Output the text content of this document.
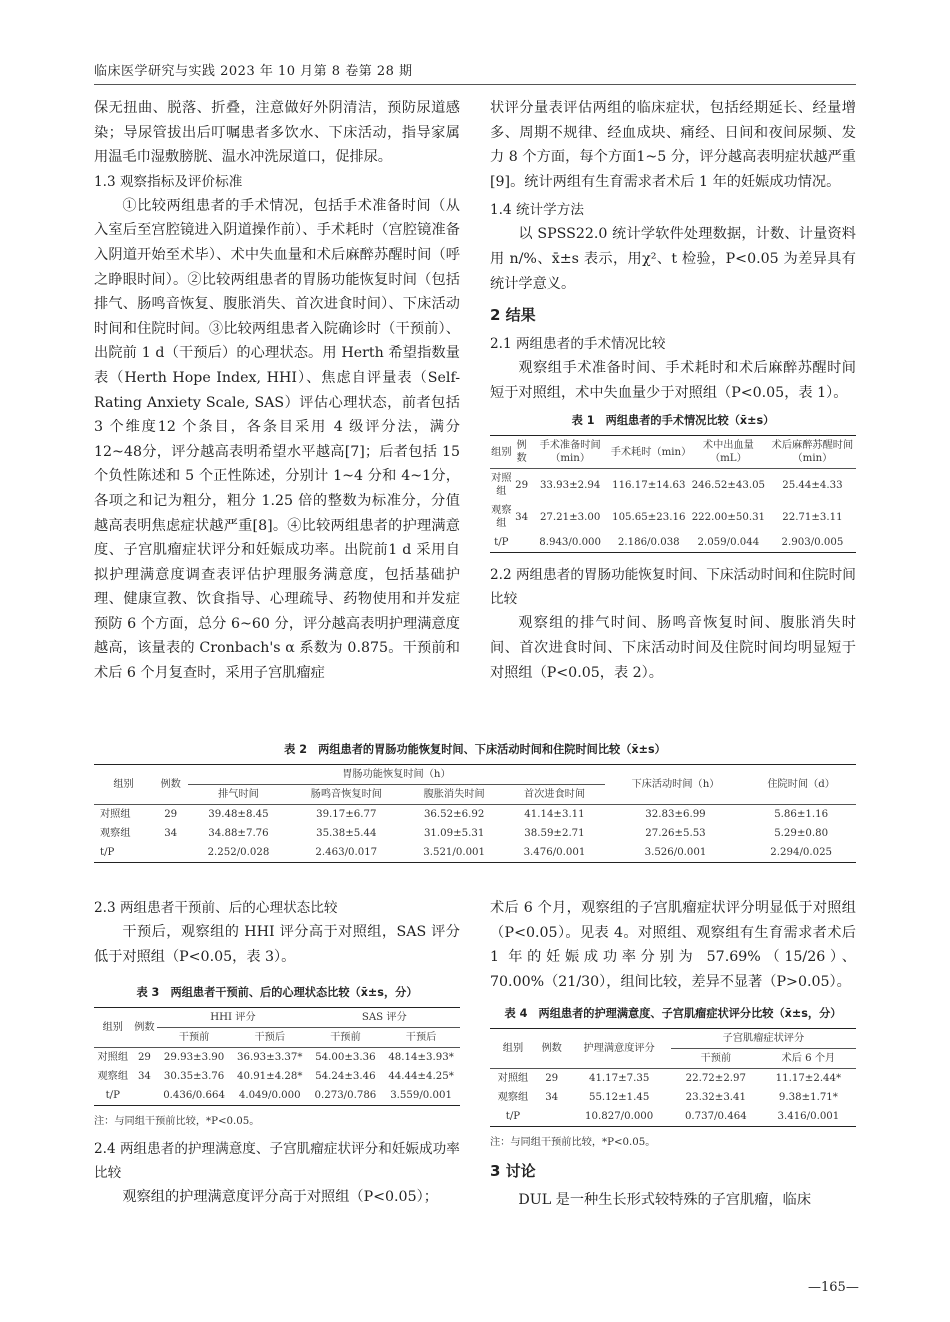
临床医学研究与实践 2023 年 10 月第 8 卷第 28 期

保无扭曲、脱落、折叠，注意做好外阴清洁，预防尿道感染；导尿管拔出后叮嘱患者多饮水、下床活动，指导家属用温毛巾湿敷膀胱、温水冲洗尿道口，促排尿。

1.3 观察指标及评价标准

①比较两组患者的手术情况，包括手术准备时间（从入室后至宫腔镜进入阴道操作前）、手术耗时（宫腔镜准备入阴道开始至术毕）、术中失血量和术后麻醉苏醒时间（呼之睁眼时间）。②比较两组患者的胃肠功能恢复时间（包括排气、肠鸣音恢复、腹胀消失、首次进食时间）、下床活动时间和住院时间。③比较两组患者入院确诊时（干预前）、出院前 1 d（干预后）的心理状态。用 Herth 希望指数量表（Herth Hope Index, HHI）、焦虑自评量表（Self-Rating Anxiety Scale, SAS）评估心理状态，前者包括3 个维度12 个条目，各条目采用 4 级评分法，满分 12~48分，评分越高表明希望水平越高[7]；后者包括 15 个负性陈述和 5 个正性陈述，分别计 1~4 分和 4~1分，各项之和记为粗分，粗分 1.25 倍的整数为标准分，分值越高表明焦虑症状越严重[8]。④比较两组患者的护理满意度、子宫肌瘤症状评分和妊娠成功率。出院前1 d 采用自拟护理满意度调查表评估护理服务满意度，包括基础护理、健康宣教、饮食指导、心理疏导、药物使用和并发症预防 6 个方面，总分 6~60 分，评分越高表明护理满意度越高，该量表的 Cronbach's α 系数为 0.875。干预前和术后 6 个月复查时，采用子宫肌瘤症

状评分量表评估两组的临床症状，包括经期延长、经量增多、周期不规律、经血成块、痛经、日间和夜间尿频、发力 8 个方面，每个方面1~5 分，评分越高表明症状越严重[9]。统计两组有生育需求者术后 1 年的妊娠成功情况。

1.4 统计学方法

以 SPSS22.0 统计学软件处理数据，计数、计量资料用 n/%、x̄±s 表示，用χ²、t 检验，P<0.05 为差异具有统计学意义。

2 结果

2.1 两组患者的手术情况比较

观察组手术准备时间、手术耗时和术后麻醉苏醒时间短于对照组，术中失血量少于对照组（P<0.05，表 1）。

表 1　两组患者的手术情况比较（x̄±s）
组别	例数	手术准备时间（min）	手术耗时（min）	术中出血量（mL）	术后麻醉苏醒时间（min）
对照组	29	33.93±2.94	116.17±14.63	246.52±43.05	25.44±4.33
观察组	34	27.21±3.00	105.65±23.16	222.00±50.31	22.71±3.11
t/P		8.943/0.000	2.186/0.038	2.059/0.044	2.903/0.005

2.2 两组患者的胃肠功能恢复时间、下床活动时间和住院时间比较

观察组的排气时间、肠鸣音恢复时间、腹胀消失时间、首次进食时间、下床活动时间及住院时间均明显短于对照组（P<0.05，表 2）。

表 2　两组患者的胃肠功能恢复时间、下床活动时间和住院时间比较（x̄±s）
组别	例数	胃肠功能恢复时间（h）				下床活动时间（h）	住院时间（d）
		排气时间	肠鸣音恢复时间	腹胀消失时间	首次进食时间		
对照组	29	39.48±8.45	39.17±6.77	36.52±6.92	41.14±3.11	32.83±6.99	5.86±1.16
观察组	34	34.88±7.76	35.38±5.44	31.09±5.31	38.59±2.71	27.26±5.53	5.29±0.80
t/P		2.252/0.028	2.463/0.017	3.521/0.001	3.476/0.001	3.526/0.001	2.294/0.025

2.3 两组患者干预前、后的心理状态比较

干预后，观察组的 HHI 评分高于对照组，SAS 评分低于对照组（P<0.05，表 3）。

表 3　两组患者干预前、后的心理状态比较（x̄±s，分）
组别	例数	HHI 评分		SAS 评分	
		干预前	干预后	干预前	干预后
对照组	29	29.93±3.90	36.93±3.37*	54.00±3.36	48.14±3.93*
观察组	34	30.35±3.76	40.91±4.28*	54.24±3.46	44.44±4.25*
t/P		0.436/0.664	4.049/0.000	0.273/0.786	3.559/0.001
注：与同组干预前比较，*P<0.05。

2.4 两组患者的护理满意度、子宫肌瘤症状评分和妊娠成功率比较

观察组的护理满意度评分高于对照组（P<0.05）；

术后 6 个月，观察组的子宫肌瘤症状评分明显低于对照组（P<0.05）。见表 4。对照组、观察组有生育需求者术后 1 年的妊娠成功率分别为 57.69%（15/26）、70.00%（21/30），组间比较，差异不显著（P>0.05）。

表 4　两组患者的护理满意度、子宫肌瘤症状评分比较（x̄±s，分）
组别	例数	护理满意度评分	子宫肌瘤症状评分	
			干预前	术后 6 个月
对照组	29	41.17±7.35	22.72±2.97	11.17±2.44*
观察组	34	55.12±1.45	23.32±3.41	9.38±1.71*
t/P		10.827/0.000	0.737/0.464	3.416/0.001
注：与同组干预前比较，*P<0.05。

3 讨论

DUL 是一种生长形式较特殊的子宫肌瘤，临床

—165—
